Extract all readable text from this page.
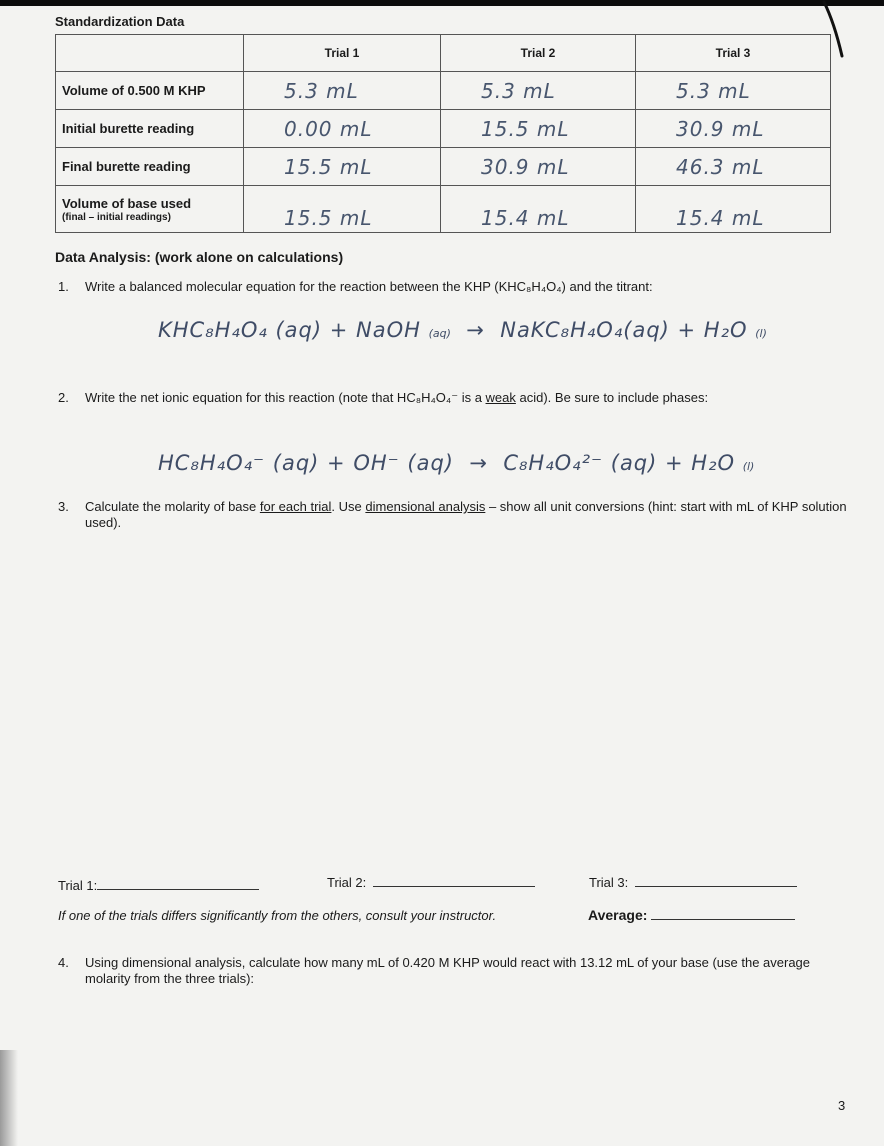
Standardization Data
	Trial 1	Trial 2	Trial 3
Volume of 0.500 M KHP	5.3 mL	5.3 mL	5.3 mL
Initial burette reading	0.00 mL	15.5 mL	30.9 mL
Final burette reading	15.5 mL	30.9 mL	46.3 mL
Volume of base used
(final – initial readings)	15.5 mL	15.4 mL	15.4 mL
Data Analysis: (work alone on calculations)
1. Write a balanced molecular equation for the reaction between the KHP (KHC₈H₄O₄) and the titrant:
KHC₈H₄O₄ (aq) + NaOH (aq) → NaKC₈H₄O₄(aq) + H₂O (l)
2. Write the net ionic equation for this reaction (note that HC₈H₄O₄⁻ is a weak acid). Be sure to include phases:
HC₈H₄O₄⁻ (aq) + OH⁻ (aq) → C₈H₄O₄²⁻ (aq) + H₂O (l)
3. Calculate the molarity of base for each trial. Use dimensional analysis – show all unit conversions (hint: start with mL of KHP solution used).
Trial 1:	Trial 2:	Trial 3:
If one of the trials differs significantly from the others, consult your instructor.	Average:
4. Using dimensional analysis, calculate how many mL of 0.420 M KHP would react with 13.12 mL of your base (use the average molarity from the three trials):
3
